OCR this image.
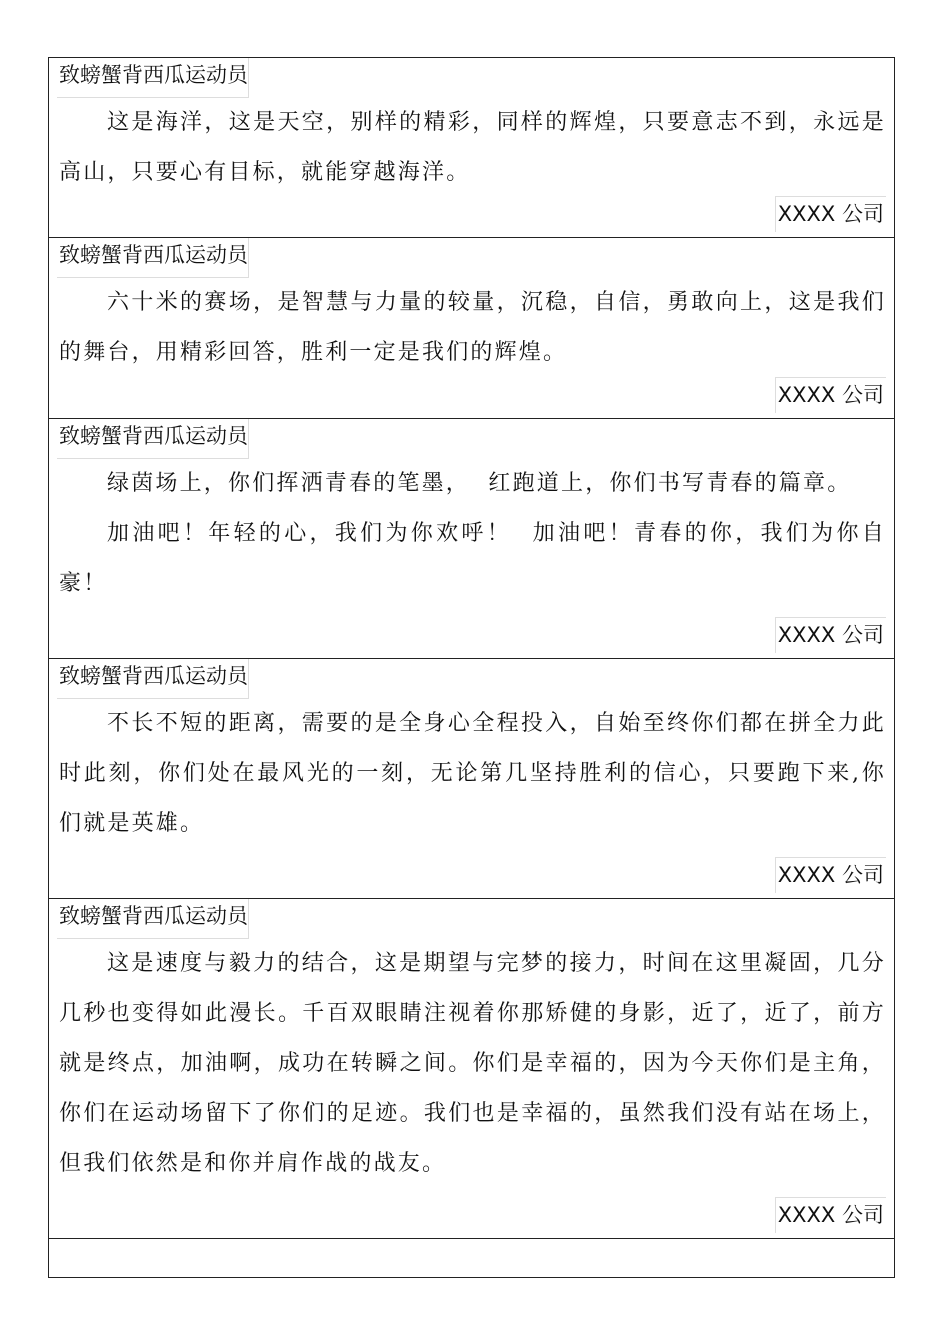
致螃蟹背西瓜运动员

这是海洋，这是天空，别样的精彩，同样的辉煌，只要意志不到，永远是高山，只要心有目标，就能穿越海洋。

XXXX 公司
致螃蟹背西瓜运动员

六十米的赛场，是智慧与力量的较量，沉稳，自信，勇敢向上，这是我们的舞台，用精彩回答，胜利一定是我们的辉煌。

XXXX 公司
致螃蟹背西瓜运动员

绿茵场上，你们挥洒青春的笔墨，  红跑道上，你们书写青春的篇章。

加油吧！年轻的心，我们为你欢呼！  加油吧！青春的你，我们为你自豪！

XXXX 公司
致螃蟹背西瓜运动员

不长不短的距离，需要的是全身心全程投入，自始至终你们都在拼全力此时此刻，你们处在最风光的一刻，无论第几坚持胜利的信心，只要跑下来,你们就是英雄。

XXXX 公司
致螃蟹背西瓜运动员

这是速度与毅力的结合，这是期望与完梦的接力，时间在这里凝固，几分几秒也变得如此漫长。千百双眼睛注视着你那矫健的身影，近了，近了，前方就是终点，加油啊，成功在转瞬之间。你们是幸福的，因为今天你们是主角，你们在运动场留下了你们的足迹。我们也是幸福的，虽然我们没有站在场上，但我们依然是和你并肩作战的战友。

XXXX 公司
